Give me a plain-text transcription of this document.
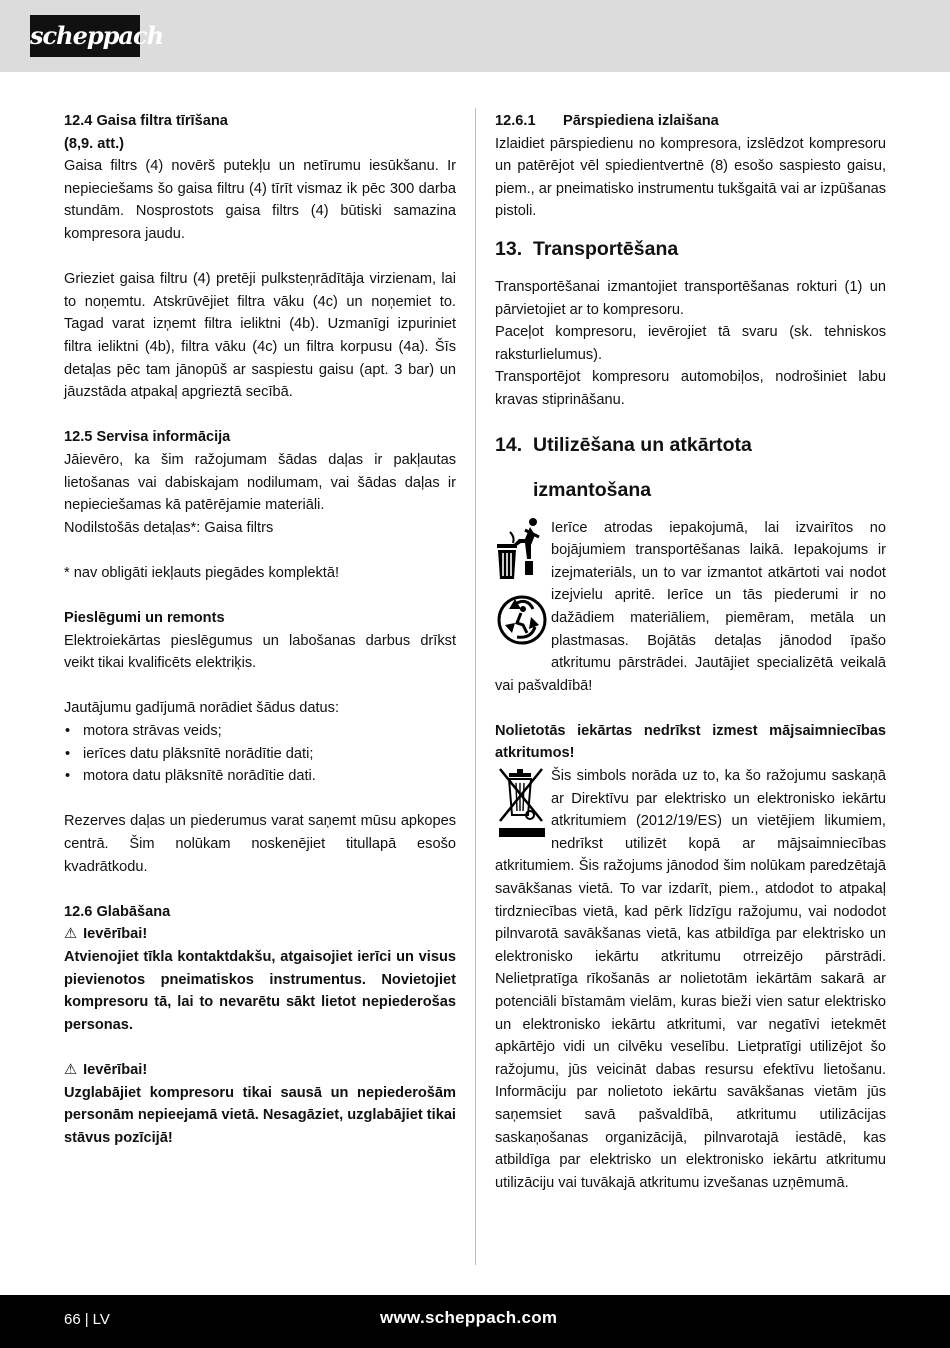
scheppach

12.4 Gaisa filtra tīrīšana

(8,9. att.)

Gaisa filtrs (4) novērš putekļu un netīrumu iesūkšanu. Ir nepieciešams šo gaisa filtru (4) tīrīt vismaz ik pēc 300 darba stundām. Nosprostots gaisa filtrs (4) būtiski samazina kompresora jaudu.

Grieziet gaisa filtru (4) pretēji pulksteņrādītāja virzienam, lai to noņemtu. Atskrūvējiet filtra vāku (4c) un noņemiet to. Tagad varat izņemt filtra ieliktni (4b). Uzmanīgi izpuriniet filtra ieliktni (4b), filtra vāku (4c) un filtra korpusu (4a). Šīs detaļas pēc tam jānopūš ar saspiestu gaisu (apt. 3 bar) un jāuzstāda atpakaļ apgrieztā secībā.

12.5 Servisa informācija

Jāievēro, ka šim ražojumam šādas daļas ir pakļautas lietošanas vai dabiskajam nodilumam, vai šādas daļas ir nepieciešamas kā patērējamie materiāli.

Nodilstošās detaļas*: Gaisa filtrs

* nav obligāti iekļauts piegādes komplektā!

Pieslēgumi un remonts

Elektroiekārtas pieslēgumus un labošanas darbus drīkst veikt tikai kvalificēts elektriķis.

Jautājumu gadījumā norādiet šādus datus:

• motora strāvas veids;
• ierīces datu plāksnītē norādītie dati;
• motora datu plāksnītē norādītie dati.

Rezerves daļas un piederumus varat saņemt mūsu apkopes centrā. Šim nolūkam noskenējiet titullapā esošo kvadrātkodu.

12.6 Glabāšana

⚠ Ievērībai!

Atvienojiet tīkla kontaktdakšu, atgaisojiet ierīci un visus pievienotos pneimatiskos instrumentus. Novietojiet kompresoru tā, lai to nevarētu sākt lietot nepiederošas personas.

⚠ Ievērībai!

Uzglabājiet kompresoru tikai sausā un nepiederošām personām nepieejamā vietā. Nesagāziet, uzglabājiet tikai stāvus pozīcijā!

12.6.1 Pārspiediena izlaišana

Izlaidiet pārspiedienu no kompresora, izslēdzot kompresoru un patērējot vēl spiedientvertnē (8) esošo saspiesto gaisu, piem., ar pneimatisko instrumentu tukšgaitā vai ar izpūšanas pistoli.

13. Transportēšana

Transportēšanai izmantojiet transportēšanas rokturi (1) un pārvietojiet ar to kompresoru.

Paceļot kompresoru, ievērojiet tā svaru (sk. tehniskos raksturlielumus).

Transportējot kompresoru automobiļos, nodrošiniet labu kravas stiprināšanu.

14. Utilizēšana un atkārtota

izmantošana

Ierīce atrodas iepakojumā, lai izvairītos no bojājumiem transportēšanas laikā. Iepakojums ir izejmateriāls, un to var izmantot atkārtoti vai nodot izejvielu apritē. Ierīce un tās piederumi ir no dažādiem materiāliem, piemēram, metāla un plastmasas. Bojātās detaļas jānodod īpašo atkritumu pārstrādei. Jautājiet specializētā veikalā vai pašvaldībā!

Nolietotās iekārtas nedrīkst izmest mājsaimniecības atkritumos!

Šis simbols norāda uz to, ka šo ražojumu saskaņā ar Direktīvu par elektrisko un elektronisko iekārtu atkritumiem (2012/19/ES) un vietējiem likumiem, nedrīkst utilizēt kopā ar mājsaimniecības atkritumiem. Šis ražojums jānodod šim nolūkam paredzētajā savākšanas vietā. To var izdarīt, piem., atdodot to atpakaļ tirdzniecības vietā, kad pērk līdzīgu ražojumu, vai nododot pilnvarotā savākšanas vietā, kas atbildīga par elektrisko un elektronisko iekārtu atkritumu otrreizējo pārstrādi. Nelietpratīga rīkošanās ar nolietotām iekārtām sakarā ar potenciāli bīstamām vielām, kuras bieži vien satur elektrisko un elektronisko iekārtu atkritumi, var negatīvi ietekmēt apkārtējo vidi un cilvēku veselību. Lietpratīgi utilizējot šo ražojumu, jūs veicināt dabas resursu efektīvu lietošanu. Informāciju par nolietoto iekārtu savākšanas vietām jūs saņemsiet savā pašvaldībā, atkritumu utilizācijas saskaņošanas organizācijā, pilnvarotajā iestādē, kas atbildīga par elektrisko un elektronisko iekārtu atkritumu utilizāciju vai tuvākajā atkritumu izvešanas uzņēmumā.

66 | LV	www.scheppach.com
